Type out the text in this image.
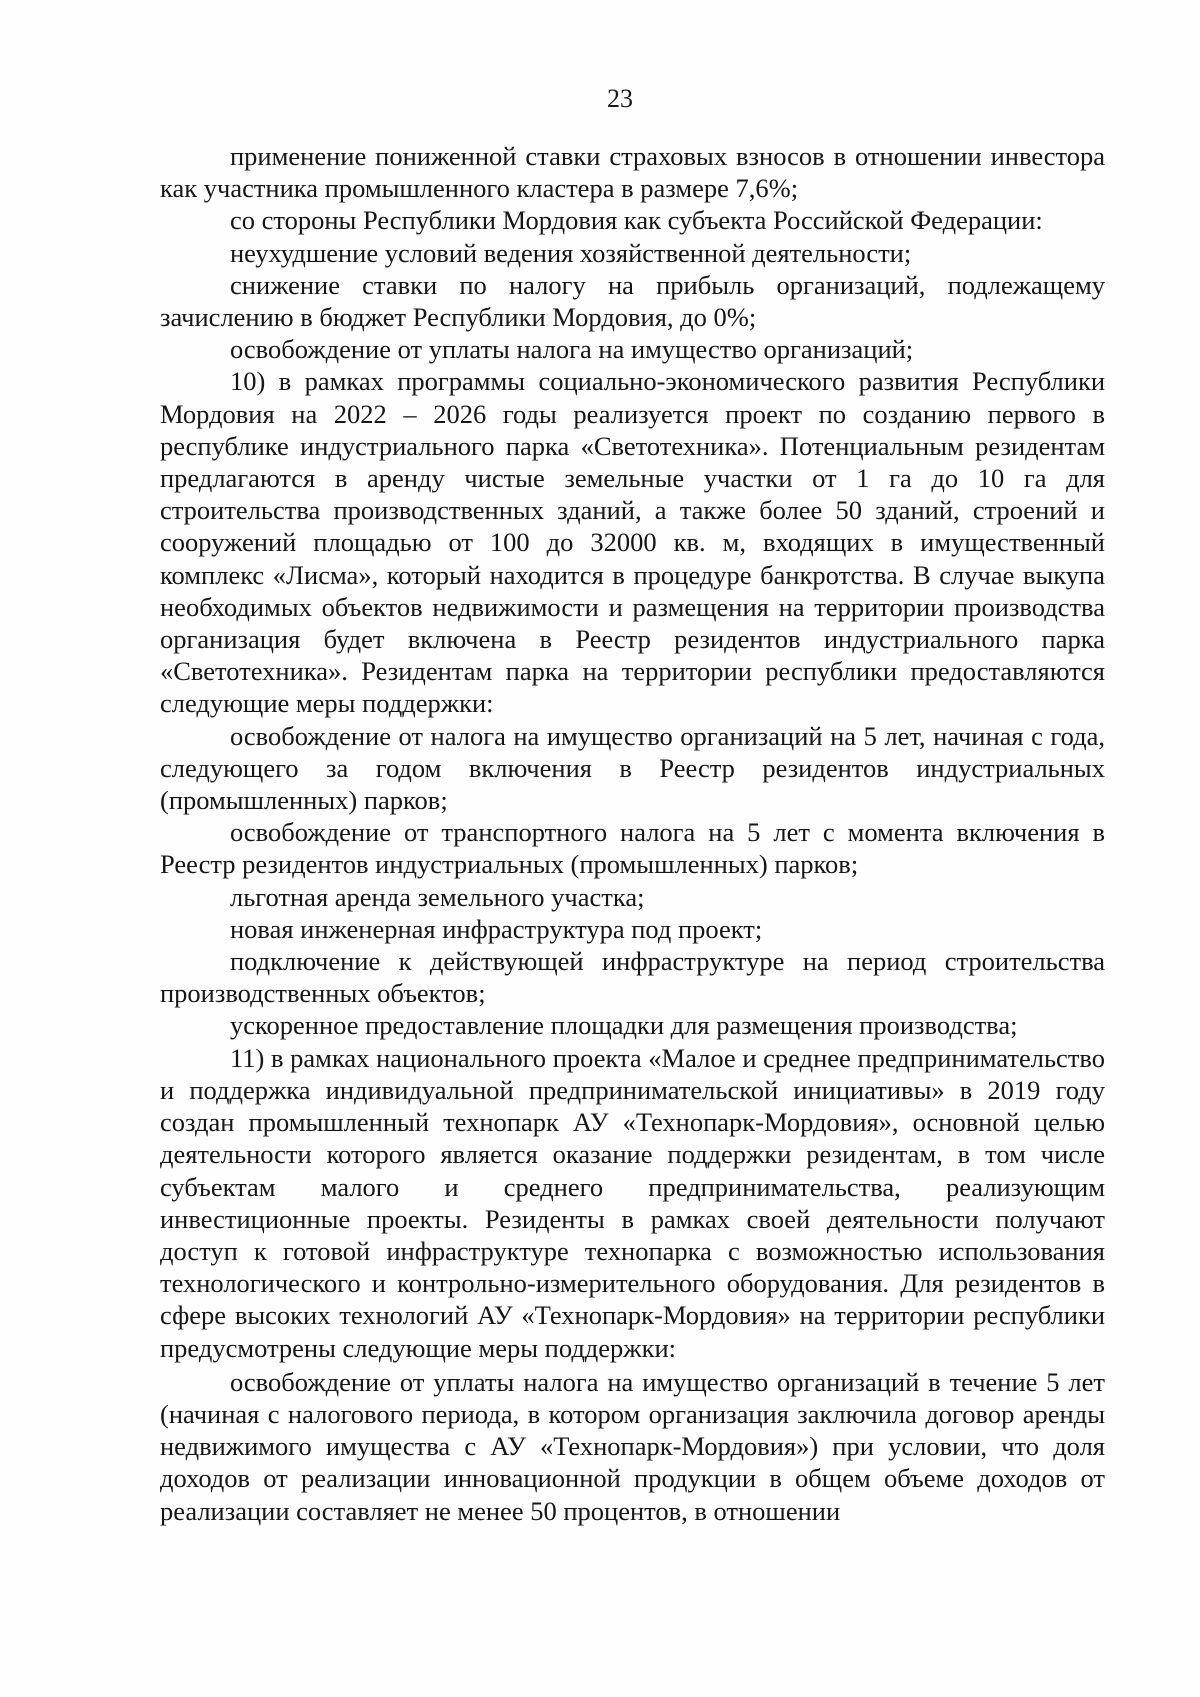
23

применение пониженной ставки страховых взносов в отношении инвестора как участника промышленного кластера в размере 7,6%;

со стороны Республики Мордовия как субъекта Российской Федерации:

неухудшение условий ведения хозяйственной деятельности;

снижение ставки по налогу на прибыль организаций, подлежащему зачислению в бюджет Республики Мордовия, до 0%;

освобождение от уплаты налога на имущество организаций;

10) в рамках программы социально-экономического развития Республики Мордовия на 2022 – 2026 годы реализуется проект по созданию первого в республике индустриального парка «Светотехника». Потенциальным резидентам предлагаются в аренду чистые земельные участки от 1 га до 10 га для строительства производственных зданий, а также более 50 зданий, строений и сооружений площадью от 100 до 32000 кв. м, входящих в имущественный комплекс «Лисма», который находится в процедуре банкротства. В случае выкупа необходимых объектов недвижимости и размещения на территории производства организация будет включена в Реестр резидентов индустриального парка «Светотехника». Резидентам парка на территории республики предоставляются следующие меры поддержки:

освобождение от налога на имущество организаций на 5 лет, начиная с года, следующего за годом включения в Реестр резидентов индустриальных (промышленных) парков;

освобождение от транспортного налога на 5 лет с момента включения в Реестр резидентов индустриальных (промышленных) парков;

льготная аренда земельного участка;

новая инженерная инфраструктура под проект;

подключение к действующей инфраструктуре на период строительства производственных объектов;

ускоренное предоставление площадки для размещения производства;

11) в рамках национального проекта «Малое и среднее предпринимательство и поддержка индивидуальной предпринимательской инициативы» в 2019 году создан промышленный технопарк АУ «Технопарк-Мордовия», основной целью деятельности которого является оказание поддержки резидентам, в том числе субъектам малого и среднего предпринимательства, реализующим инвестиционные проекты. Резиденты в рамках своей деятельности получают доступ к готовой инфраструктуре технопарка с возможностью использования технологического и контрольно-измерительного оборудования. Для резидентов в сфере высоких технологий АУ «Технопарк-Мордовия» на территории республики предусмотрены следующие меры поддержки:

освобождение от уплаты налога на имущество организаций в течение 5 лет (начиная с налогового периода, в котором организация заключила договор аренды недвижимого имущества с АУ «Технопарк-Мордовия») при условии, что доля доходов от реализации инновационной продукции в общем объеме доходов от реализации составляет не менее 50 процентов, в отношении
